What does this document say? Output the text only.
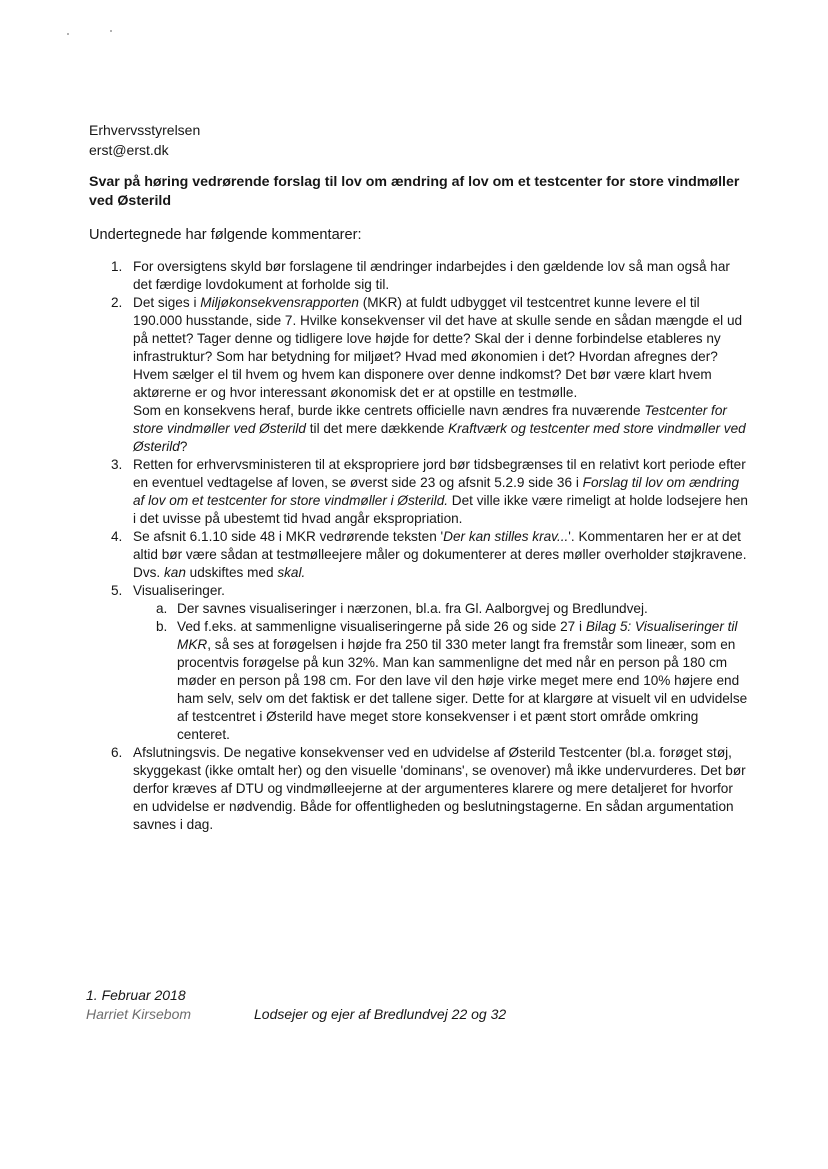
Erhvervsstyrelsen
erst@erst.dk
Svar på høring vedrørende forslag til lov om ændring af lov om et testcenter for store vindmøller ved Østerild
Undertegnede har følgende kommentarer:
1. For oversigtens skyld bør forslagene til ændringer indarbejdes i den gældende lov så man også har det færdige lovdokument at forholde sig til.

2. Det siges i Miljøkonsekvensrapporten (MKR) at fuldt udbygget vil testcentret kunne levere el til 190.000 husstande, side 7. Hvilke konsekvenser vil det have at skulle sende en sådan mængde el ud på nettet? Tager denne og tidligere love højde for dette? Skal der i denne forbindelse etableres ny infrastruktur? Som har betydning for miljøet? Hvad med økonomien i det? Hvordan afregnes der? Hvem sælger el til hvem og hvem kan disponere over denne indkomst? Det bør være klart hvem aktørerne er og hvor interessant økonomisk det er at opstille en testmølle.

Som en konsekvens heraf, burde ikke centrets officielle navn ændres fra nuværende Testcenter for store vindmøller ved Østerild til det mere dækkende Kraftværk og testcenter med store vindmøller ved Østerild?

3. Retten for erhvervsministeren til at ekspropriere jord bør tidsbegrænses til en relativt kort periode efter en eventuel vedtagelse af loven, se øverst side 23 og afsnit 5.2.9 side 36 i Forslag til lov om ændring af lov om et testcenter for store vindmøller i Østerild. Det ville ikke være rimeligt at holde lodsejere hen i det uvisse på ubestemt tid hvad angår ekspropriation.

4. Se afsnit 6.1.10 side 48 i MKR vedrørende teksten 'Der kan stilles krav...'. Kommentaren her er at det altid bør være sådan at testmølleejere måler og dokumenterer at deres møller overholder støjkravene. Dvs. kan udskiftes med skal.

5. Visualiseringer.

a. Der savnes visualiseringer i nærzonen, bl.a. fra Gl. Aalborgvej og Bredlundvej.

b. Ved f.eks. at sammenligne visualiseringerne på side 26 og side 27 i Bilag 5: Visualiseringer til MKR, så ses at forøgelsen i højde fra 250 til 330 meter langt fra fremstår som lineær, som en procentvis forøgelse på kun 32%. Man kan sammenligne det med når en person på 180 cm møder en person på 198 cm. For den lave vil den høje virke meget mere end 10% højere end ham selv, selv om det faktisk er det tallene siger. Dette for at klargøre at visuelt vil en udvidelse af testcentret i Østerild have meget store konsekvenser i et pænt stort område omkring centeret.

6. Afslutningsvis. De negative konsekvenser ved en udvidelse af Østerild Testcenter (bl.a. forøget støj, skyggekast (ikke omtalt her) og den visuelle 'dominans', se ovenover) må ikke undervurderes. Det bør derfor kræves af DTU og vindmølleejerne at der argumenteres klarere og mere detaljeret for hvorfor en udvidelse er nødvendig. Både for offentligheden og beslutningstagerne. En sådan argumentation savnes i dag.

1. Februar 2018
Harriet Kirsebom	Lodsejer og ejer af Bredlundvej 22 og 32
